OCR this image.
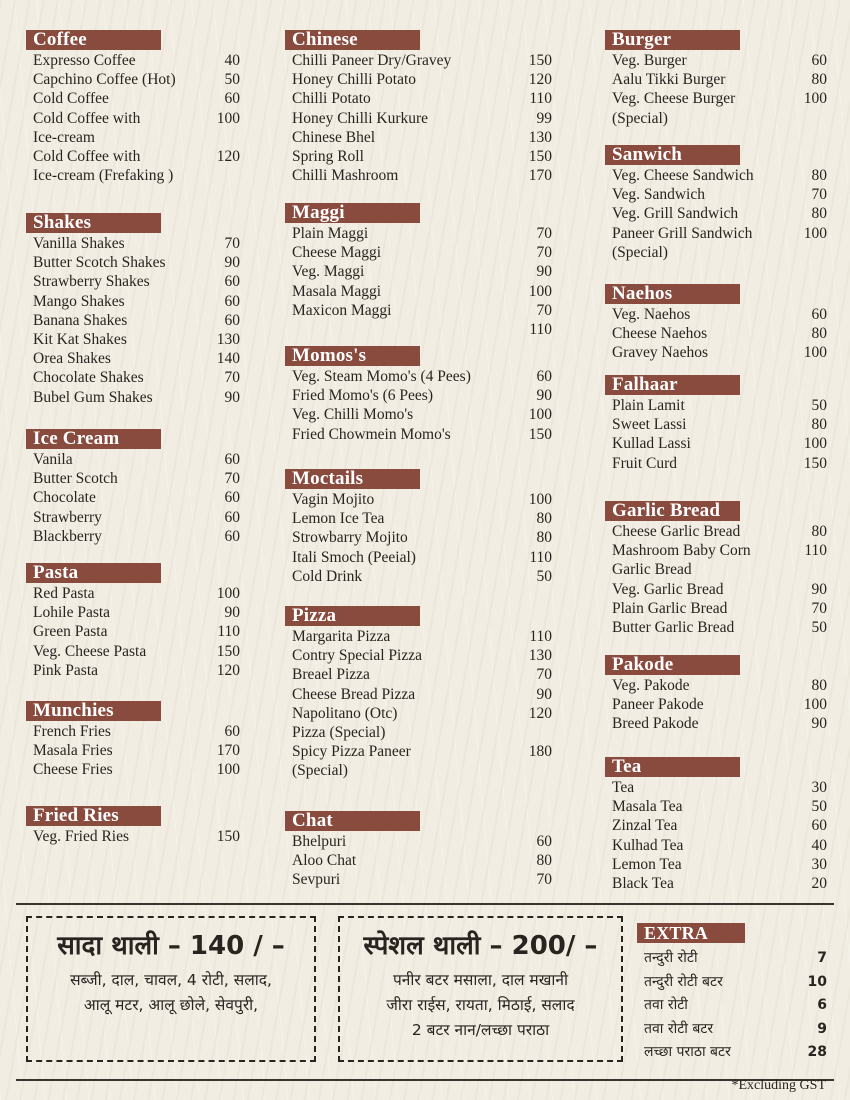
Coffee
Expresso Coffee	40
Capchino Coffee (Hot)	50
Cold Coffee	60
Cold Coffee with	100
Ice-cream
Cold Coffee with	120
Ice-cream (Frefaking )
Shakes
Vanilla Shakes	70
Butter Scotch Shakes	90
Strawberry Shakes	60
Mango Shakes	60
Banana Shakes	60
Kit Kat Shakes	130
Orea Shakes	140
Chocolate Shakes	70
Bubel Gum Shakes	90
Ice Cream
Vanila	60
Butter Scotch	70
Chocolate	60
Strawberry	60
Blackberry	60
Pasta
Red Pasta	100
Lohile Pasta	90
Green Pasta	110
Veg. Cheese Pasta	150
Pink Pasta	120
Munchies
French Fries	60
Masala Fries	170
Cheese Fries	100
Fried Ries
Veg. Fried Ries	150
Chinese
Chilli Paneer Dry/Gravey	150
Honey Chilli Potato	120
Chilli Potato	110
Honey Chilli Kurkure	99
Chinese Bhel	130
Spring Roll	150
Chilli Mashroom	170
Maggi
Plain Maggi	70
Cheese Maggi	70
Veg. Maggi	90
Masala Maggi	100
Maxicon Maggi	70
110
Momos's
Veg. Steam Momo's (4 Pees)	60
Fried Momo's (6 Pees)	90
Veg. Chilli Momo's	100
Fried Chowmein Momo's	150
Moctails
Vagin Mojito	100
Lemon Ice Tea	80
Strowbarry Mojito	80
Itali Smoch (Peeial)	110
Cold Drink	50
Pizza
Margarita Pizza	110
Contry Special Pizza	130
Breael Pizza	70
Cheese Bread Pizza	90
Napolitano (Otc)	120
Pizza (Special)
Spicy Pizza Paneer	180
(Special)
Chat
Bhelpuri	60
Aloo Chat	80
Sevpuri	70
Burger
Veg. Burger	60
Aalu Tikki Burger	80
Veg. Cheese Burger	100
(Special)
Sanwich
Veg. Cheese Sandwich	80
Veg. Sandwich	70
Veg. Grill Sandwich	80
Paneer Grill Sandwich	100
(Special)
Naehos
Veg. Naehos	60
Cheese Naehos	80
Gravey Naehos	100
Falhaar
Plain Lamit	50
Sweet Lassi	80
Kullad Lassi	100
Fruit Curd	150
Garlic Bread
Cheese Garlic Bread	80
Mashroom Baby Corn	110
Garlic Bread
Veg. Garlic Bread	90
Plain Garlic Bread	70
Butter Garlic Bread	50
Pakode
Veg. Pakode	80
Paneer Pakode	100
Breed Pakode	90
Tea
Tea	30
Masala Tea	50
Zinzal Tea	60
Kulhad Tea	40
Lemon Tea	30
Black Tea	20
सादा थाली – 140 / –
सब्जी, दाल, चावल, 4 रोटी, सलाद,
आलू मटर, आलू छोले, सेवपुरी,
स्पेशल थाली – 200/ –
पनीर बटर मसाला, दाल मखानी
जीरा राईस, रायता, मिठाई, सलाद
2 बटर नान/लच्छा पराठा
EXTRA
तन्दुरी रोटी	7
तन्दुरी रोटी बटर	10
तवा रोटी	6
तवा रोटी बटर	9
लच्छा पराठा बटर	28
*Excluding GST
